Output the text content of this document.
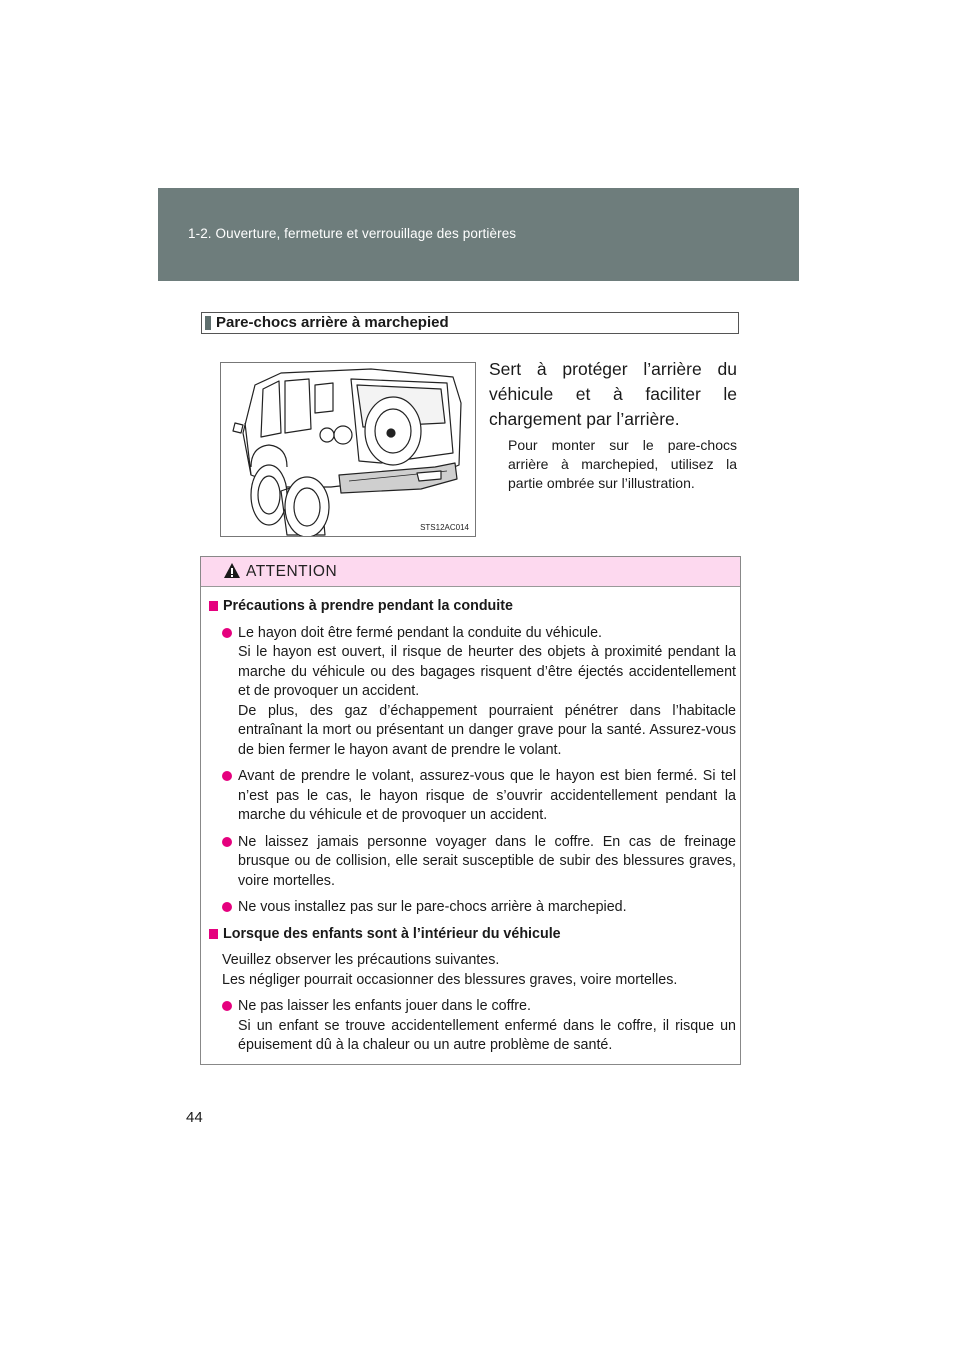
1-2. Ouverture, fermeture et verrouillage des portières
Pare-chocs arrière à marchepied
STS12AC014
Sert à protéger l’arrière du véhicule et à faciliter le chargement par l’arrière.
Pour monter sur le pare-chocs arrière à marchepied, utilisez la partie ombrée sur l’illustration.
ATTENTION
Précautions à prendre pendant la conduite
Le hayon doit être fermé pendant la conduite du véhicule.
Si le hayon est ouvert, il risque de heurter des objets à proximité pendant la marche du véhicule ou des bagages risquent d’être éjectés accidentellement et de provoquer un accident.
De plus, des gaz d’échappement pourraient pénétrer dans l’habitacle entraînant la mort ou présentant un danger grave pour la santé. Assurez-vous de bien fermer le hayon avant de prendre le volant.
Avant de prendre le volant, assurez-vous que le hayon est bien fermé. Si tel n’est pas le cas, le hayon risque de s’ouvrir accidentellement pendant la marche du véhicule et de provoquer un accident.
Ne laissez jamais personne voyager dans le coffre. En cas de freinage brusque ou de collision, elle serait susceptible de subir des blessures graves, voire mortelles.
Ne vous installez pas sur le pare-chocs arrière à marchepied.
Lorsque des enfants sont à l’intérieur du véhicule
Veuillez observer les précautions suivantes.
Les négliger pourrait occasionner des blessures graves, voire mortelles.
Ne pas laisser les enfants jouer dans le coffre.
Si un enfant se trouve accidentellement enfermé dans le coffre, il risque un épuisement dû à la chaleur ou un autre problème de santé.
44
